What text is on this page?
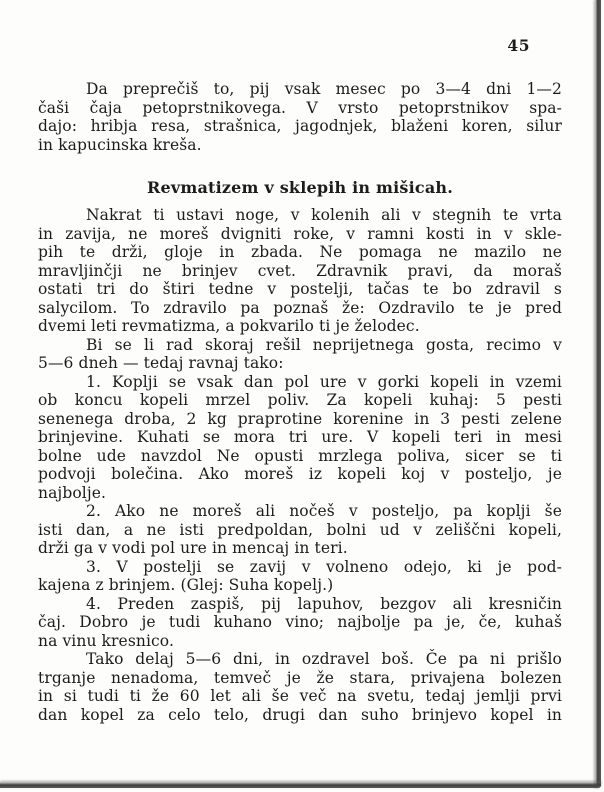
45
Da preprečiš to, pij vsak mesec po 3—4 dni 1—2
čaši čaja petoprstnikovega. V vrsto petoprstnikov spa-
dajo: hribja resa, strašnica, jagodnjek, blaženi koren, silur
in kapucinska kreša.
Revmatizem v sklepih in mišicah.
Nakrat ti ustavi noge, v kolenih ali v stegnih te vrta
in zavija, ne moreš dvigniti roke, v ramni kosti in v skle-
pih te drži, gloje in zbada. Ne pomaga ne mazilo ne
mravljinčji ne brinjev cvet. Zdravnik pravi, da moraš
ostati tri do štiri tedne v postelji, tačas te bo zdravil s
salycilom. To zdravilo pa poznaš že: Ozdravilo te je pred
dvemi leti revmatizma, a pokvarilo ti je želodec.
Bi se li rad skoraj rešil neprijetnega gosta, recimo v
5—6 dneh — tedaj ravnaj tako:
1. Koplji se vsak dan pol ure v gorki kopeli in vzemi
ob koncu kopeli mrzel poliv. Za kopeli kuhaj: 5 pesti
senenega droba, 2 kg praprotine korenine in 3 pesti zelene
brinjevine. Kuhati se mora tri ure. V kopeli teri in mesi
bolne ude navzdol Ne opusti mrzlega poliva, sicer se ti
podvoji bolečina. Ako moreš iz kopeli koj v posteljo, je
najbolje.
2. Ako ne moreš ali nočeš v posteljo, pa koplji še
isti dan, a ne isti predpoldan, bolni ud v zeliščni kopeli,
drži ga v vodi pol ure in mencaj in teri.
3. V postelji se zavij v volneno odejo, ki je pod-
kajena z brinjem. (Glej: Suha kopelj.)
4. Preden zaspiš, pij lapuhov, bezgov ali kresničin
čaj. Dobro je tudi kuhano vino; najbolje pa je, če, kuhaš
na vinu kresnico.
Tako delaj 5—6 dni, in ozdravel boš. Če pa ni prišlo
trganje nenadoma, temveč je že stara, privajena bolezen
in si tudi ti že 60 let ali še več na svetu, tedaj jemlji prvi
dan kopel za celo telo, drugi dan suho brinjevo kopel in
